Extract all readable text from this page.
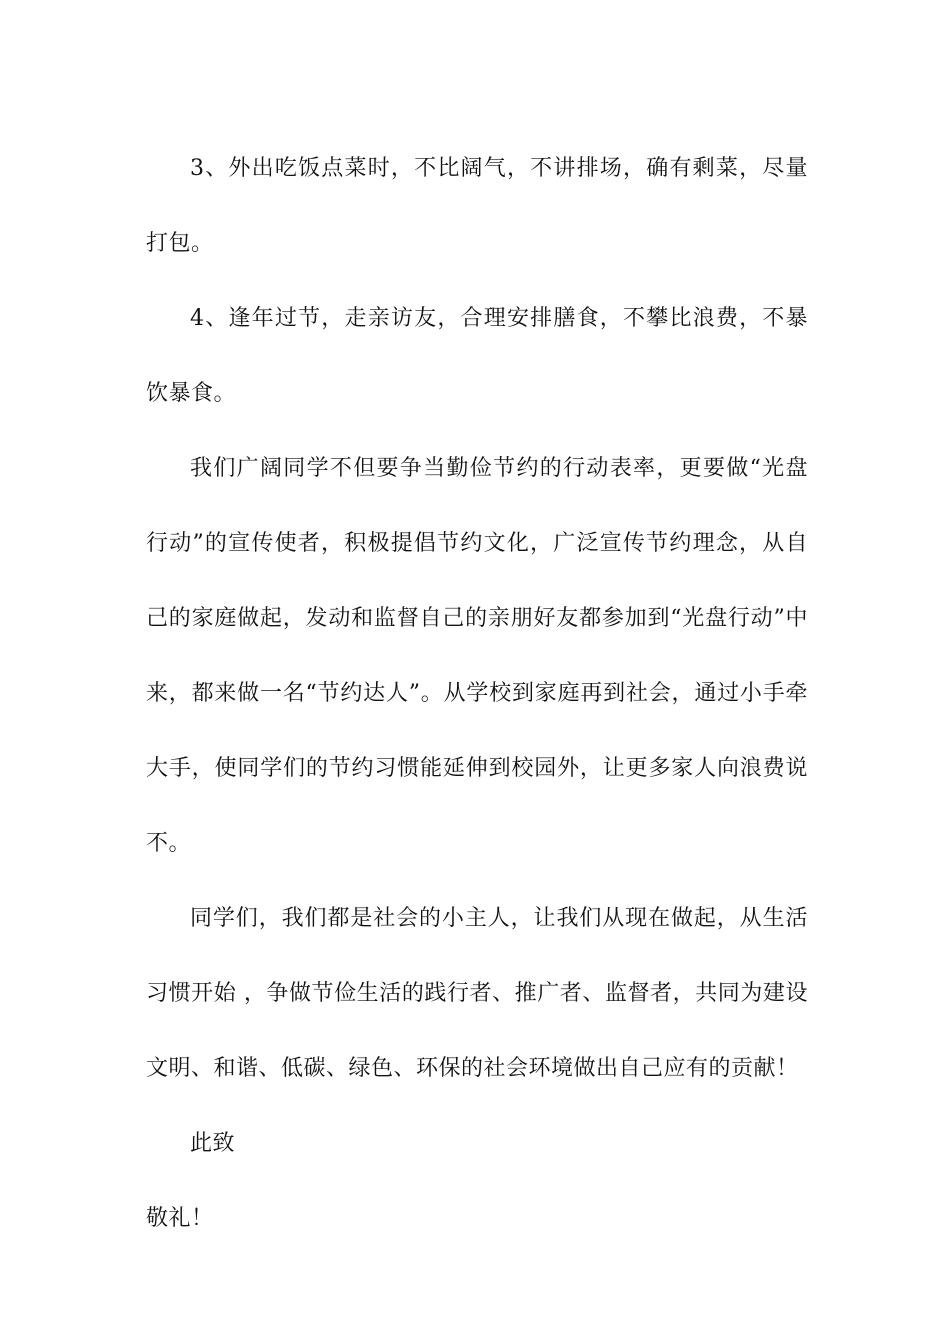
3、外出吃饭点菜时，不比阔气，不讲排场，确有剩菜，尽量打包。

4、逢年过节，走亲访友，合理安排膳食，不攀比浪费，不暴饮暴食。

我们广阔同学不但要争当勤俭节约的行动表率，更要做“光盘行动”的宣传使者，积极提倡节约文化，广泛宣传节约理念，从自己的家庭做起，发动和监督自己的亲朋好友都参加到“光盘行动”中来，都来做一名“节约达人”。从学校到家庭再到社会，通过小手牵大手，使同学们的节约习惯能延伸到校园外，让更多家人向浪费说不。

同学们，我们都是社会的小主人，让我们从现在做起，从生活习惯开始 ，争做节俭生活的践行者、推广者、监督者，共同为建设文明、和谐、低碳、绿色、环保的社会环境做出自己应有的贡献！

此致

敬礼！
